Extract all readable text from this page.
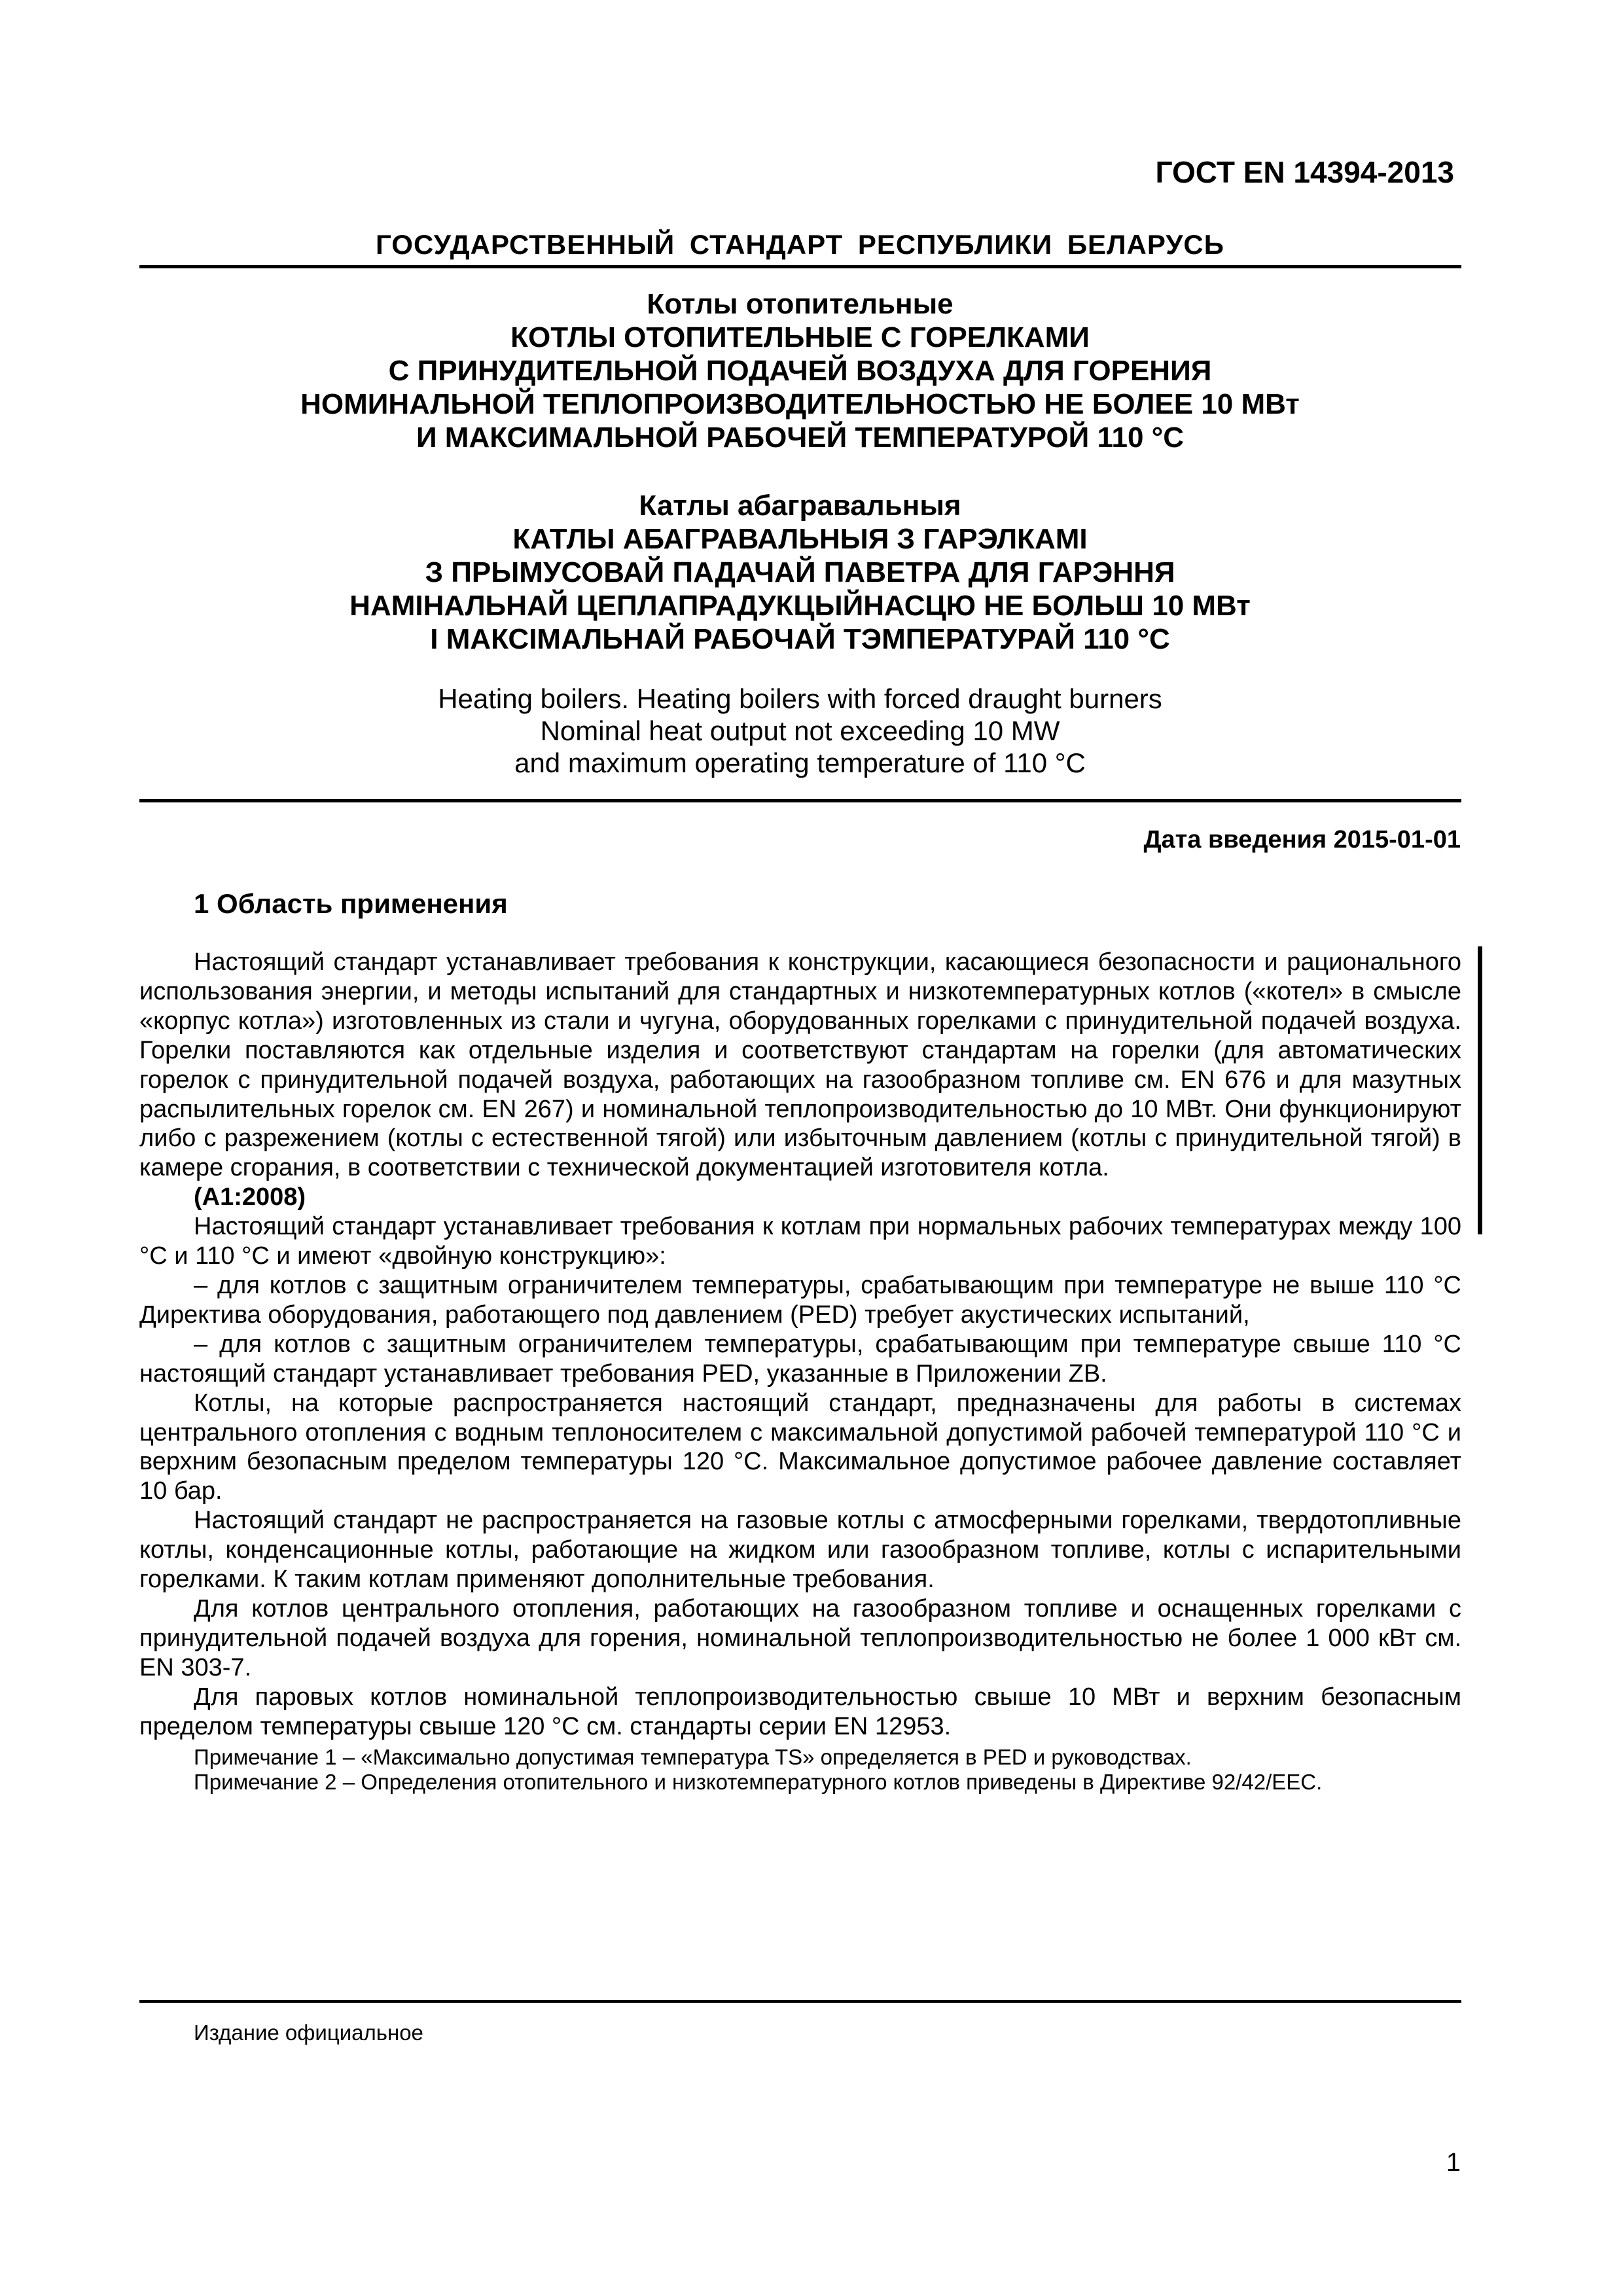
ГОСТ EN 14394-2013
ГОСУДАРСТВЕННЫЙ СТАНДАРТ РЕСПУБЛИКИ БЕЛАРУСЬ
Котлы отопительные
КОТЛЫ ОТОПИТЕЛЬНЫЕ С ГОРЕЛКАМИ
С ПРИНУДИТЕЛЬНОЙ ПОДАЧЕЙ ВОЗДУХА ДЛЯ ГОРЕНИЯ
НОМИНАЛЬНОЙ ТЕПЛОПРОИЗВОДИТЕЛЬНОСТЬЮ НЕ БОЛЕЕ 10 МВт
И МАКСИМАЛЬНОЙ РАБОЧЕЙ ТЕМПЕРАТУРОЙ 110 °С
Катлы абагравальныя
КАТЛЫ АБАГРАВАЛЬНЫЯ З ГАРЭЛКАМІ
З ПРЫМУСОВАЙ ПАДАЧАЙ ПАВЕТРА ДЛЯ ГАРЭННЯ
НАМІНАЛЬНАЙ ЦЕПЛАПРАДУКЦЫЙНАСЦЮ НЕ БОЛЬШ 10 МВт
І МАКСІМАЛЬНАЙ РАБОЧАЙ ТЭМПЕРАТУРАЙ 110 °С
Heating boilers. Heating boilers with forced draught burners
Nominal heat output not exceeding 10 MW
and maximum operating temperature of 110 °C
Дата введения 2015-01-01
1 Область применения

Настоящий стандарт устанавливает требования к конструкции, касающиеся безопасности и рационального использования энергии, и методы испытаний для стандартных и низкотемпературных котлов («котел» в смысле «корпус котла») изготовленных из стали и чугуна, оборудованных горелками с принудительной подачей воздуха. Горелки поставляются как отдельные изделия и соответствуют стандартам на горелки (для автоматических горелок с принудительной подачей воздуха, работающих на газообразном топливе см. EN 676 и для мазутных распылительных горелок см. EN 267) и номинальной теплопроизводительностью до 10 МВт. Они функционируют либо с разрежением (котлы с естественной тягой) или избыточным давлением (котлы с принудительной тягой) в камере сгорания, в соответствии с технической документацией изготовителя котла.

(A1:2008)

Настоящий стандарт устанавливает требования к котлам при нормальных рабочих температурах между 100 °С и 110 °С и имеют «двойную конструкцию»:

– для котлов с защитным ограничителем температуры, срабатывающим при температуре не выше 110 °С Директива оборудования, работающего под давлением (PED) требует акустических испытаний,

– для котлов с защитным ограничителем температуры, срабатывающим при температуре свыше 110 °С настоящий стандарт устанавливает требования PED, указанные в Приложении ZB.

Котлы, на которые распространяется настоящий стандарт, предназначены для работы в системах центрального отопления с водным теплоносителем с максимальной допустимой рабочей температурой 110 °С и верхним безопасным пределом температуры 120 °С. Максимальное допустимое рабочее давление составляет 10 бар.

Настоящий стандарт не распространяется на газовые котлы с атмосферными горелками, твердотопливные котлы, конденсационные котлы, работающие на жидком или газообразном топливе, котлы с испарительными горелками. К таким котлам применяют дополнительные требования.

Для котлов центрального отопления, работающих на газообразном топливе и оснащенных горелками с принудительной подачей воздуха для горения, номинальной теплопроизводительностью не более 1 000 кВт см. EN 303-7.

Для паровых котлов номинальной теплопроизводительностью свыше 10 МВт и верхним безопасным пределом температуры свыше 120 °С см. стандарты серии EN 12953.

Примечание 1 – «Максимально допустимая температура TS» определяется в PED и руководствах.

Примечание 2 – Определения отопительного и низкотемпературного котлов приведены в Директиве 92/42/EEC.

Издание официальное
1
